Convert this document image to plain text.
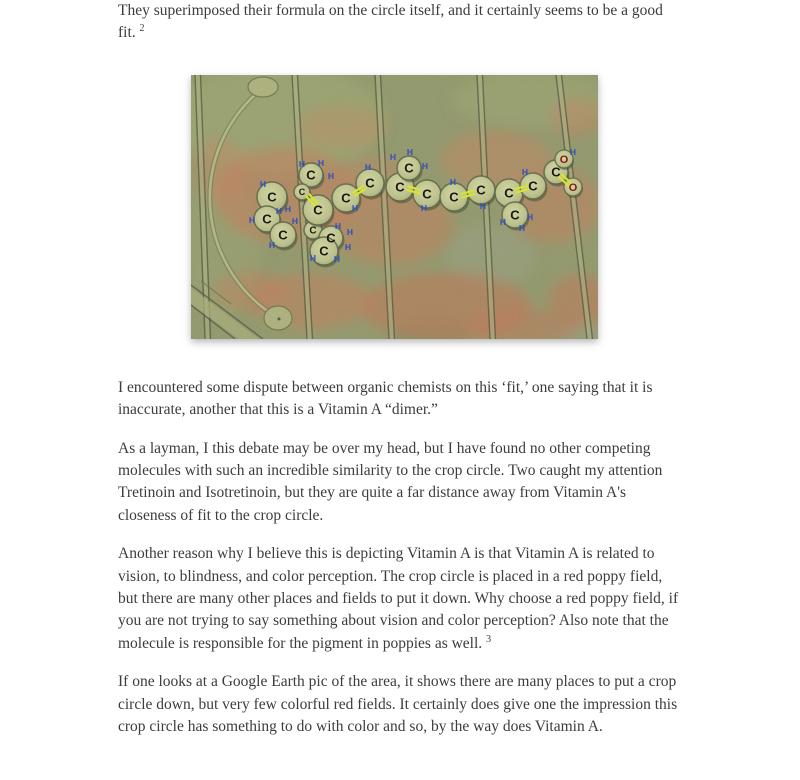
They superimposed their formula on the circle itself, and it certainly seems to be a good fit. $^2$

C
C
C
C
C C C
C
C
C
C C
C
C C C C
C
C
C
O
O
H H
H
H
H
H H
H
H
H H
H
H
H
H
H
H H
H
H
H
H
H
H H
H
H

I encountered some dispute between organic chemists on this ‘fit,’ one saying that it is inaccurate, another that this is a Vitamin A “dimer.”

As a layman, I this debate may be over my head, but I have found no other competing molecules with such an incredible similarity to the crop circle. Two caught my attention Tretinoin and Isotretinoin, but they are quite a far distance away from Vitamin A's closeness of fit to the crop circle.

Another reason why I believe this is depicting Vitamin A is that Vitamin A is related to vision, to blindness, and color perception. The crop circle is placed in a red poppy field, but there are many other places and fields to put it down. Why choose a red poppy field, if you are not trying to say something about vision and color perception? Also note that the molecule is responsible for the pigment in poppies as well. $^3$

If one looks at a Google Earth pic of the area, it shows there are many places to put a crop circle down, but very few colorful red fields. It certainly does give one the impression this crop circle has something to do with color and so, by the way does Vitamin A.
